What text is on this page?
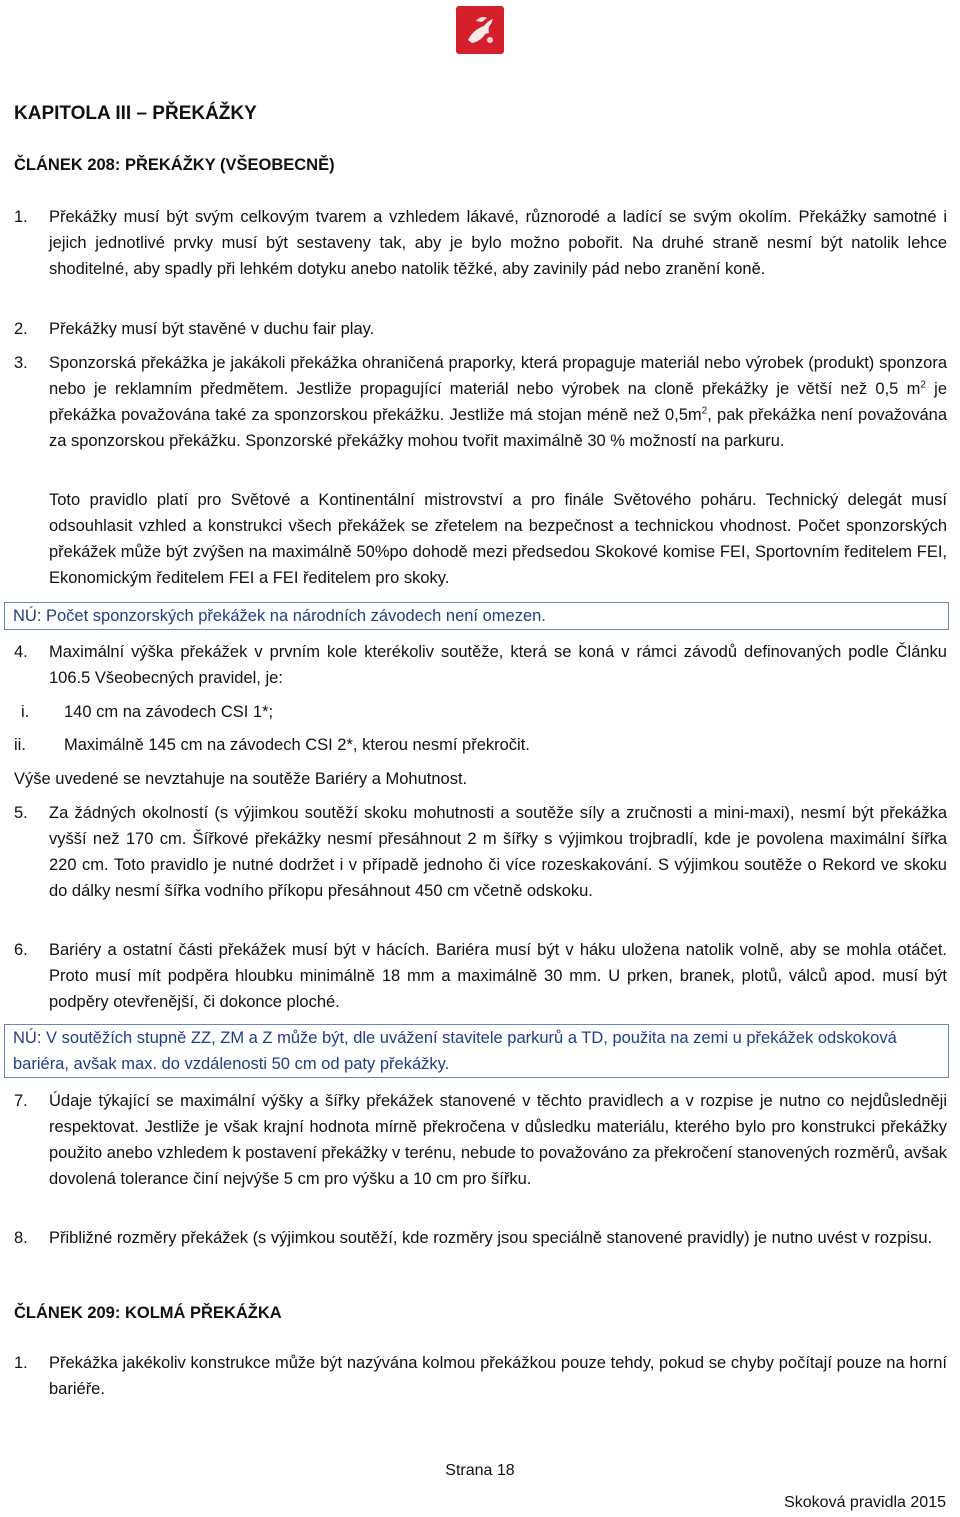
KAPITOLA III – PŘEKÁŽKY
ČLÁNEK 208: PŘEKÁŽKY (VŠEOBECNĚ)
1. Překážky musí být svým celkovým tvarem a vzhledem lákavé, různorodé a ladící se svým okolím. Překážky samotné i jejich jednotlivé prvky musí být sestaveny tak, aby je bylo možno pobořit. Na druhé straně nesmí být natolik lehce shoditelné, aby spadly při lehkém dotyku anebo natolik těžké, aby zavinily pád nebo zranění koně.
2. Překážky musí být stavěné v duchu fair play.
3. Sponzorská překážka je jakákoli překážka ohraničená praporky, která propaguje materiál nebo výrobek (produkt) sponzora nebo je reklamním předmětem. Jestliže propagující materiál nebo výrobek na cloně překážky je větší než 0,5 $m^2$ je překážka považována také za sponzorskou překážku. Jestliže má stojan méně než $0,5m^2$, pak překážka není považována za sponzorskou překážku. Sponzorské překážky mohou tvořit maximálně 30 % možností na parkuru.

Toto pravidlo platí pro Světové a Kontinentální mistrovství a pro finále Světového poháru. Technický delegát musí odsouhlasit vzhled a konstrukci všech překážek se zřetelem na bezpečnost a technickou vhodnost. Počet sponzorských překážek může být zvýšen na maximálně 50%po dohodě mezi předsedou Skokové komise FEI, Sportovním ředitelem FEI, Ekonomickým ředitelem FEI a FEI ředitelem pro skoky.

NÚ: Počet sponzorských překážek na národních závodech není omezen.

4. Maximální výška překážek v prvním kole kterékoliv soutěže, která se koná v rámci závodů definovaných podle Článku 106.5 Všeobecných pravidel, je:
i. 140 cm na závodech CSI 1*;
ii. Maximálně 145 cm na závodech CSI 2*, kterou nesmí překročit.

Výše uvedené se nevztahuje na soutěže Bariéry a Mohutnost.

5. Za žádných okolností (s výjimkou soutěží skoku mohutnosti a soutěže síly a zručnosti a mini-maxi), nesmí být překážka vyšší než 170 cm. Šířkové překážky nesmí přesáhnout 2 m šířky s výjimkou trojbradlí, kde je povolena maximální šířka 220 cm. Toto pravidlo je nutné dodržet i v případě jednoho či více rozeskakování. S výjimkou soutěže o Rekord ve skoku do dálky nesmí šířka vodního příkopu přesáhnout 450 cm včetně odskoku.
6. Bariéry a ostatní části překážek musí být v hácích. Bariéra musí být v háku uložena natolik volně, aby se mohla otáčet. Proto musí mít podpěra hloubku minimálně 18 mm a maximálně 30 mm. U prken, branek, plotů, válců apod. musí být podpěry otevřenější, či dokonce ploché.

NÚ: V soutěžích stupně ZZ, ZM a Z může být, dle uvážení stavitele parkurů a TD, použita na zemi u překážek odskoková bariéra, avšak max. do vzdálenosti 50 cm od paty překážky.

7. Údaje týkající se maximální výšky a šířky překážek stanovené v těchto pravidlech a v rozpise je nutno co nejdůsledněji respektovat. Jestliže je však krajní hodnota mírně překročena v důsledku materiálu, kterého bylo pro konstrukci překážky použito anebo vzhledem k postavení překážky v terénu, nebude to považováno za překročení stanovených rozměrů, avšak dovolená tolerance činí nejvýše 5 cm pro výšku a 10 cm pro šířku.
8. Přibližné rozměry překážek (s výjimkou soutěží, kde rozměry jsou speciálně stanovené pravidly) je nutno uvést v rozpisu.
ČLÁNEK 209: KOLMÁ PŘEKÁŽKA
1. Překážka jakékoliv konstrukce může být nazývána kolmou překážkou pouze tehdy, pokud se chyby počítají pouze na horní bariéře.
Strana 18
Skoková pravidla 2015
